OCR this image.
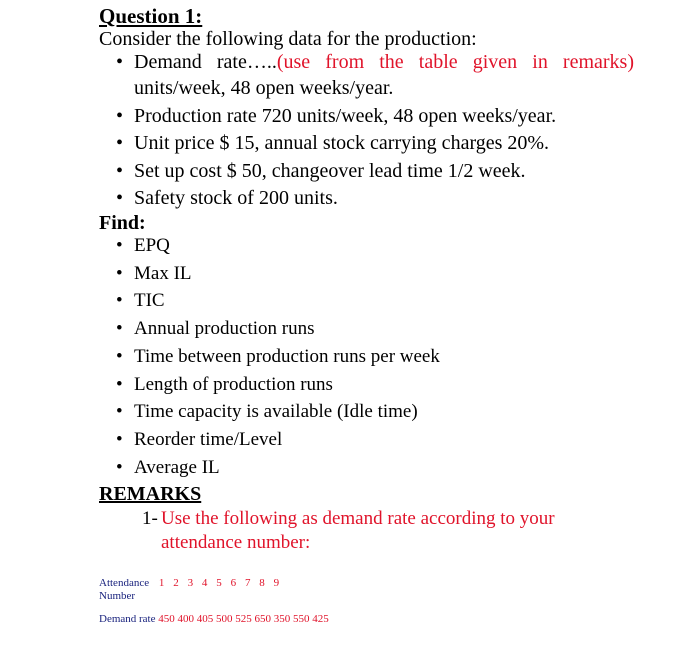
Question 1:
Consider the following data for the production:
• Demand rate…..(use from the table given in remarks)
units/week, 48 open weeks/year.
• Production rate 720 units/week, 48 open weeks/year.
• Unit price $ 15, annual stock carrying charges 20%.
• Set up cost $ 50, changeover lead time 1/2 week.
• Safety stock of 200 units.
Find:
• EPQ
• Max IL
• TIC
• Annual production runs
• Time between production runs per week
• Length of production runs
• Time capacity is available (Idle time)
• Reorder time/Level
• Average IL
REMARKS
1- Use the following as demand rate according to your attendance number:
Attendance 1 2 3 4 5 6 7 8 9
Number
Demand rate 450 400 405 500 525 650 350 550 425
